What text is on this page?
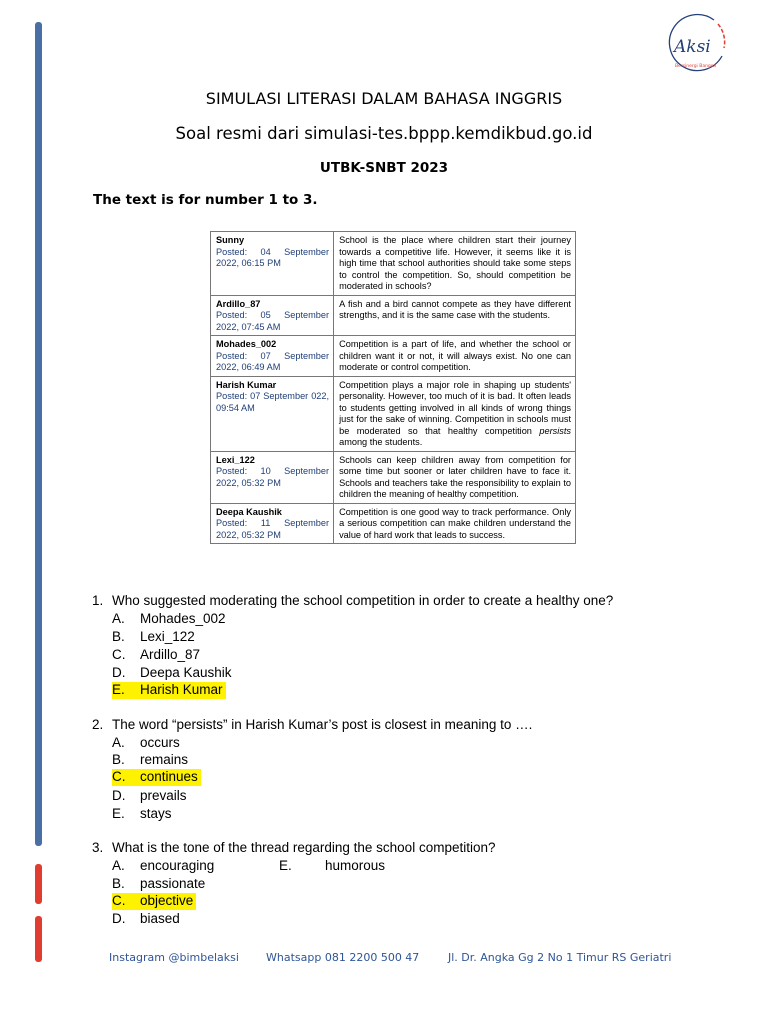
Aksi
Bersinergi Bangsa
SIMULASI LITERASI DALAM BAHASA INGGRIS
Soal resmi dari simulasi-tes.bppp.kemdikbud.go.id
UTBK-SNBT 2023
The text is for number 1 to 3.
Sunny
Posted: 04 September 2022, 06:15 PM	School is the place where children start their journey towards a competitive life. However, it seems like it is high time that school authorities should take some steps to control the competition. So, should competition be moderated in schools?

Ardillo_87
Posted: 05 September 2022, 07:45 AM	A fish and a bird cannot compete as they have different strengths, and it is the same case with the students.

Mohades_002
Posted: 07 September 2022, 06:49 AM	Competition is a part of life, and whether the school or children want it or not, it will always exist. No one can moderate or control competition.

Harish Kumar
Posted: 07 September 022, 09:54 AM	Competition plays a major role in shaping up students' personality. However, too much of it is bad. It often leads to students getting involved in all kinds of wrong things just for the sake of winning. Competition in schools must be moderated so that healthy competition persists among the students.

Lexi_122
Posted: 10 September 2022, 05:32 PM	Schools can keep children away from competition for some time but sooner or later children have to face it. Schools and teachers take the responsibility to explain to children the meaning of healthy competition.

Deepa Kaushik
Posted: 11 September 2022, 05:32 PM	Competition is one good way to track performance. Only a serious competition can make children understand the value of hard work that leads to success.
1. Who suggested moderating the school competition in order to create a healthy one?
A. Mohades_002
B. Lexi_122
C. Ardillo_87
D. Deepa Kaushik
E. Harish Kumar
2. The word “persists” in Harish Kumar’s post is closest in meaning to ….
A. occurs
B. remains
C. continues
D. prevails
E. stays
3. What is the tone of the thread regarding the school competition?
A. encouraging	E. humorous
B. passionate
C. objective
D. biased
Instagram @bimbelaksi Whatsapp 081 2200 500 47	Jl. Dr. Angka Gg 2 No 1 Timur RS Geriatri
